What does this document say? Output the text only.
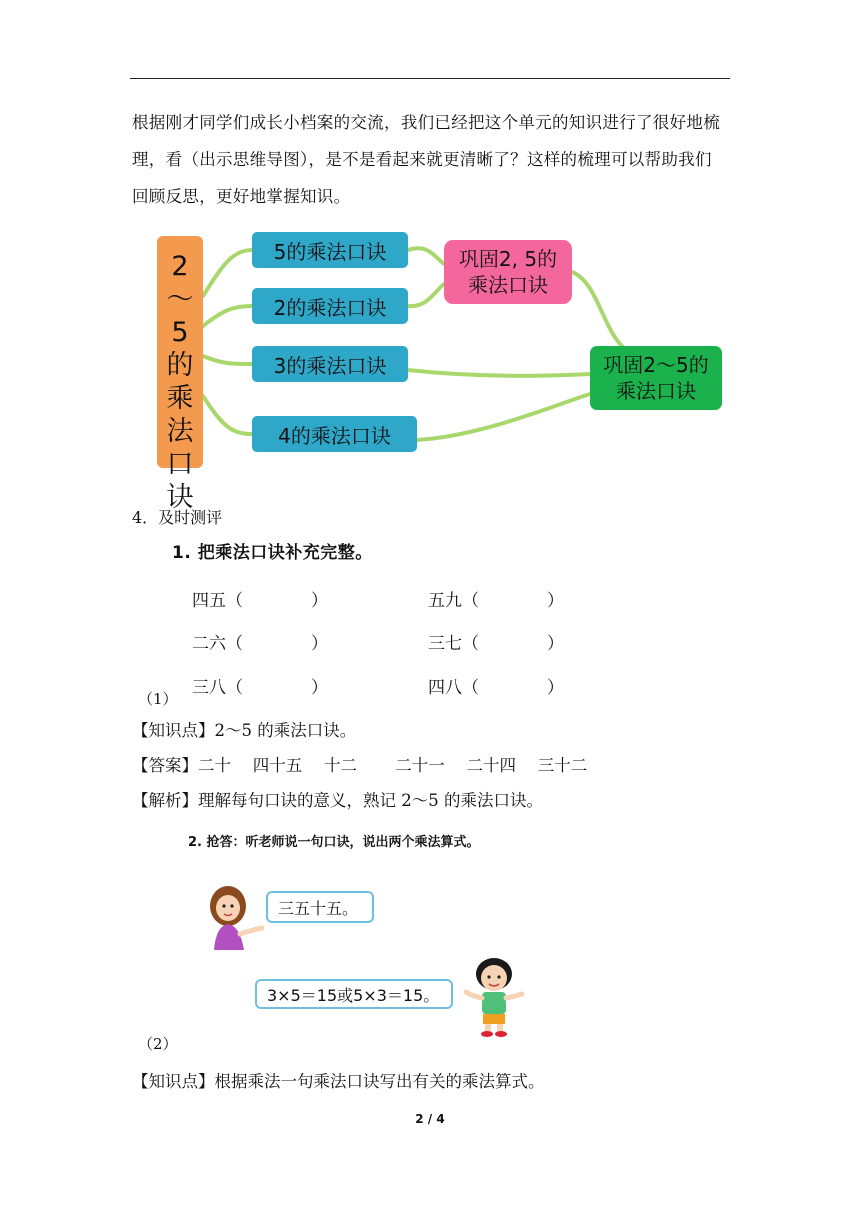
根据刚才同学们成长小档案的交流，我们已经把这个单元的知识进行了很好地梳

理，看（出示思维导图），是不是看起来就更清晰了？这样的梳理可以帮助我们

回顾反思，更好地掌握知识。

2
～
5
的
乘
法
口
诀
5的乘法口诀
2的乘法口诀
3的乘法口诀
4的乘法口诀
巩固2, 5的
乘法口诀
巩固2～5的
乘法口诀
4．及时测评
1. 把乘法口诀补充完整。
四五（　　　　）	五九（　　　　）
二六（　　　　）	三七（　　　　）
三八（　　　　）	四八（　　　　）
（1）
【知识点】2～5 的乘法口诀。
【答案】二十　 四十五　 十二　 　二十一　 二十四　 三十二
【解析】理解每句口诀的意义，熟记 2～5 的乘法口诀。
2. 抢答：听老师说一句口诀，说出两个乘法算式。
三五十五。
3×5＝15或5×3＝15。
（2）
【知识点】根据乘法一句乘法口诀写出有关的乘法算式。
2 / 4
